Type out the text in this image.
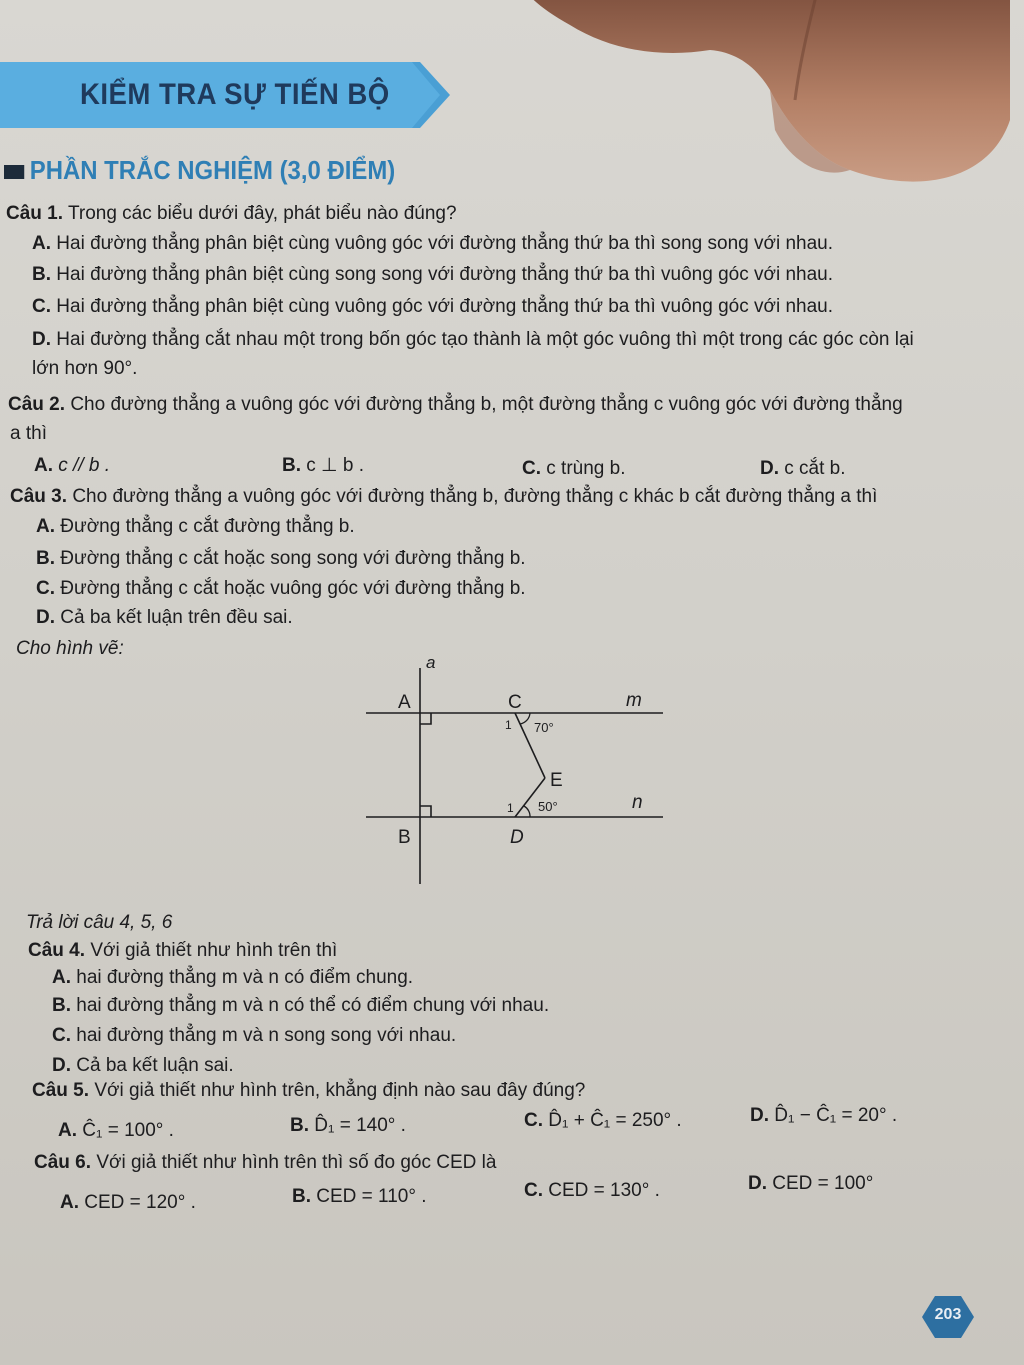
KIỂM TRA SỰ TIẾN BỘ
PHẦN TRẮC NGHIỆM (3,0 ĐIỂM)
Câu 1. Trong các biểu dưới đây, phát biểu nào đúng?
A. Hai đường thẳng phân biệt cùng vuông góc với đường thẳng thứ ba thì song song với nhau.
B. Hai đường thẳng phân biệt cùng song song với đường thẳng thứ ba thì vuông góc với nhau.
C. Hai đường thẳng phân biệt cùng vuông góc với đường thẳng thứ ba thì vuông góc với nhau.
D. Hai đường thẳng cắt nhau một trong bốn góc tạo thành là một góc vuông thì một trong các góc còn lại
lớn hơn 90°.
Câu 2. Cho đường thẳng a vuông góc với đường thẳng b, một đường thẳng c vuông góc với đường thẳng
a thì
A. c // b .	B. c ⊥ b .	C. c trùng b.	D. c cắt b.
Câu 3. Cho đường thẳng a vuông góc với đường thẳng b, đường thẳng c khác b cắt đường thẳng a thì
A. Đường thẳng c cắt đường thẳng b.
B. Đường thẳng c cắt hoặc song song với đường thẳng b.
C. Đường thẳng c cắt hoặc vuông góc với đường thẳng b.
D. Cả ba kết luận trên đều sai.
Cho hình vẽ:
a
A	C	m
1 70°
E
1 50°	n
B	D
Trả lời câu 4, 5, 6
Câu 4. Với giả thiết như hình trên thì
A. hai đường thẳng m và n có điểm chung.
B. hai đường thẳng m và n có thể có điểm chung với nhau.
C. hai đường thẳng m và n song song với nhau.
D. Cả ba kết luận sai.
Câu 5. Với giả thiết như hình trên, khẳng định nào sau đây đúng?
A. Ĉ₁ = 100° .	B. D̂₁ = 140° .	C. D̂₁ + Ĉ₁ = 250° .	D. D̂₁ − Ĉ₁ = 20° .
Câu 6. Với giả thiết như hình trên thì số đo góc CED là
A. CED = 120° .	B. CED = 110° .	C. CED = 130° .	D. CED = 100°
203
